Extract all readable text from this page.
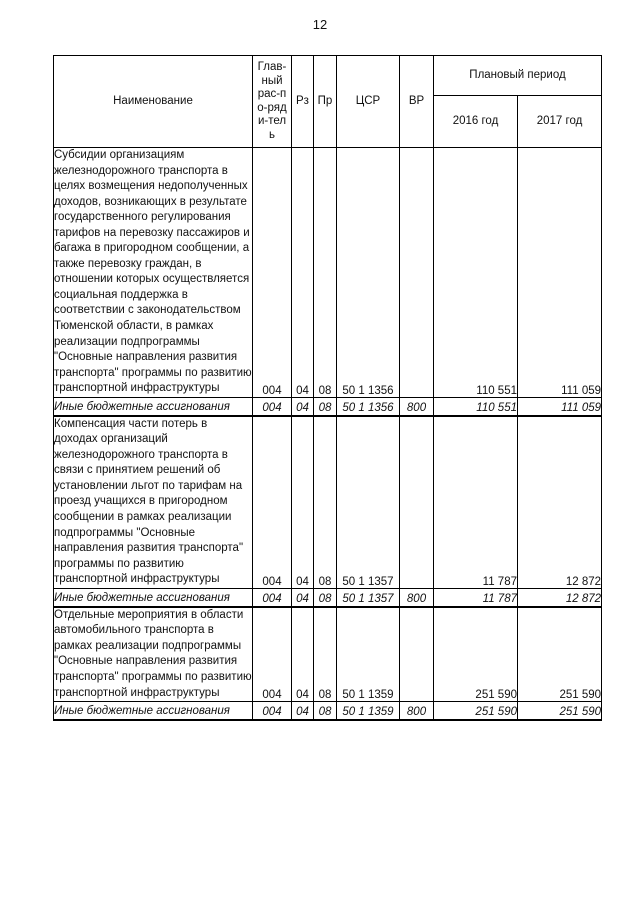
12
Наименование	Глав-ный рас-по-ряди-тель	Рз	Пр	ЦСР	ВР	Плановый период	
						2016 год	2017 год
Субсидии организациям железнодорожного транспорта в целях возмещения недополученных доходов, возникающих в результате государственного регулирования тарифов на перевозку пассажиров и багажа в пригородном сообщении, а также перевозку граждан, в отношении которых осуществляется социальная поддержка в соответствии с законодательством Тюменской области, в рамках реализации подпрограммы "Основные направления развития транспорта" программы по развитию транспортной инфраструктуры	004	04	08	50 1 1356		110 551	111 059
Иные бюджетные ассигнования	004	04	08	50 1 1356	800	110 551	111 059
Компенсация части потерь в доходах организаций железнодорожного транспорта в связи с принятием решений об установлении льгот по тарифам на проезд учащихся в пригородном сообщении в рамках реализации подпрограммы "Основные направления развития транспорта" программы по развитию транспортной инфраструктуры	004	04	08	50 1 1357		11 787	12 872
Иные бюджетные ассигнования	004	04	08	50 1 1357	800	11 787	12 872
Отдельные мероприятия в области автомобильного транспорта в рамках реализации подпрограммы "Основные направления развития транспорта" программы по развитию транспортной инфраструктуры	004	04	08	50 1 1359		251 590	251 590
Иные бюджетные ассигнования	004	04	08	50 1 1359	800	251 590	251 590
